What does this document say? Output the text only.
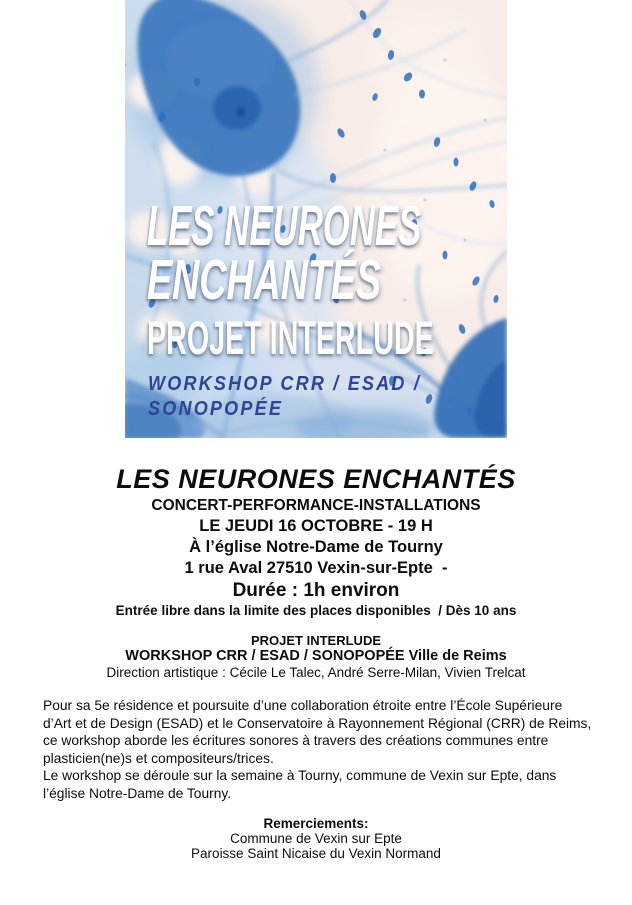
LES NEURONES
ENCHANTÉS
PROJET INTERLUDE
WORKSHOP CRR / ESAD /
SONOPOPÉE
LES NEURONES ENCHANTÉS
CONCERT-PERFORMANCE-INSTALLATIONS
LE JEUDI 16 OCTOBRE - 19 H
À l’église Notre-Dame de Tourny
1 rue Aval 27510 Vexin-sur-Epte  -
Durée : 1h environ
Entrée libre dans la limite des places disponibles  / Dès 10 ans
PROJET INTERLUDE
WORKSHOP CRR / ESAD / SONOPOPÉE Ville de Reims
Direction artistique : Cécile Le Talec, André Serre-Milan, Vivien Trelcat

Pour sa 5e résidence et poursuite d’une collaboration étroite entre l’École Supérieure d’Art et de Design (ESAD) et le Conservatoire à Rayonnement Régional (CRR) de Reims, ce workshop aborde les écritures sonores à travers des créations communes entre plasticien(ne)s et compositeurs/trices.

Le workshop se déroule sur la semaine à Tourny, commune de Vexin sur Epte, dans l’église Notre-Dame de Tourny.

Remerciements:
Commune de Vexin sur Epte
Paroisse Saint Nicaise du Vexin Normand
